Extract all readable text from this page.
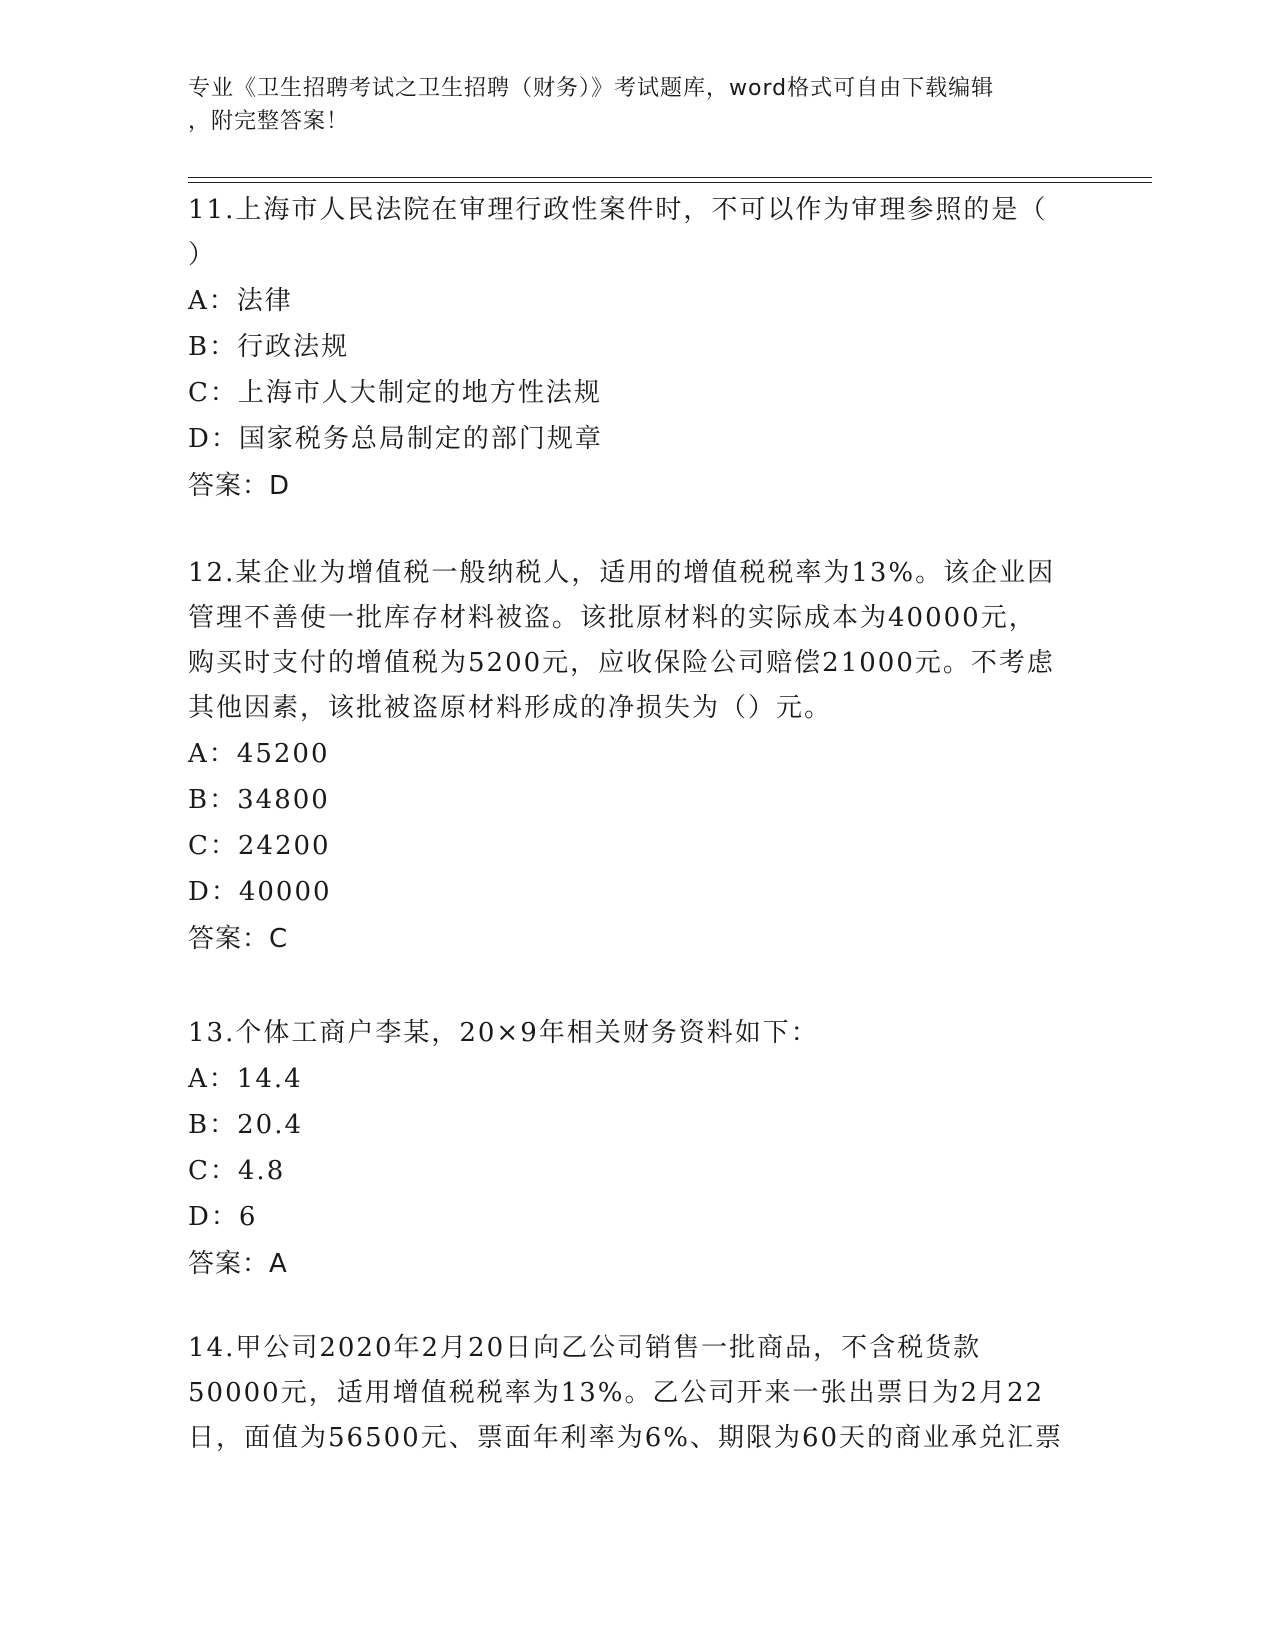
专业《卫生招聘考试之卫生招聘（财务）》考试题库，word格式可自由下载编辑
，附完整答案！
11.上海市人民法院在审理行政性案件时，不可以作为审理参照的是（
）
A：法律
B：行政法规
C：上海市人大制定的地方性法规
D：国家税务总局制定的部门规章
答案：D
12.某企业为增值税一般纳税人，适用的增值税税率为13%。该企业因
管理不善使一批库存材料被盗。该批原材料的实际成本为40000元，
购买时支付的增值税为5200元，应收保险公司赔偿21000元。不考虑
其他因素，该批被盗原材料形成的净损失为（）元。
A：45200
B：34800
C：24200
D：40000
答案：C
13.个体工商户李某，20×9年相关财务资料如下：
A：14.4
B：20.4
C：4.8
D：6
答案：A
14.甲公司2020年2月20日向乙公司销售一批商品，不含税货款
50000元，适用增值税税率为13%。乙公司开来一张出票日为2月22
日，面值为56500元、票面年利率为6%、期限为60天的商业承兑汇票
